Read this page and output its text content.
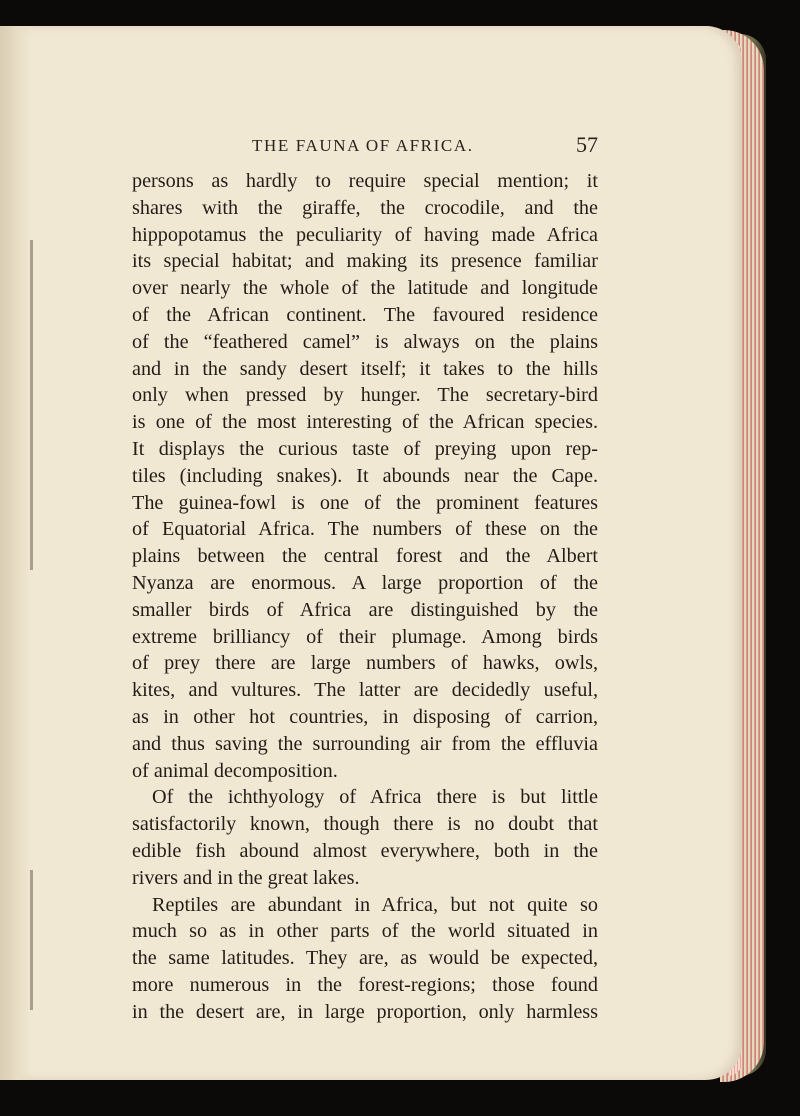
THE FAUNA OF AFRICA.	57
persons as hardly to require special mention; it
shares with the giraffe, the crocodile, and the
hippopotamus the peculiarity of having made Africa
its special habitat; and making its presence familiar
over nearly the whole of the latitude and longitude
of the African continent. The favoured residence
of the “feathered camel” is always on the plains
and in the sandy desert itself; it takes to the hills
only when pressed by hunger. The secretary-bird
is one of the most interesting of the African species.
It displays the curious taste of preying upon rep-
tiles (including snakes). It abounds near the Cape.
The guinea-fowl is one of the prominent features
of Equatorial Africa. The numbers of these on the
plains between the central forest and the Albert
Nyanza are enormous. A large proportion of the
smaller birds of Africa are distinguished by the
extreme brilliancy of their plumage. Among birds
of prey there are large numbers of hawks, owls,
kites, and vultures. The latter are decidedly useful,
as in other hot countries, in disposing of carrion,
and thus saving the surrounding air from the effluvia
of animal decomposition.
Of the ichthyology of Africa there is but little
satisfactorily known, though there is no doubt that
edible fish abound almost everywhere, both in the
rivers and in the great lakes.
Reptiles are abundant in Africa, but not quite so
much so as in other parts of the world situated in
the same latitudes. They are, as would be expected,
more numerous in the forest-regions; those found
in the desert are, in large proportion, only harmless
